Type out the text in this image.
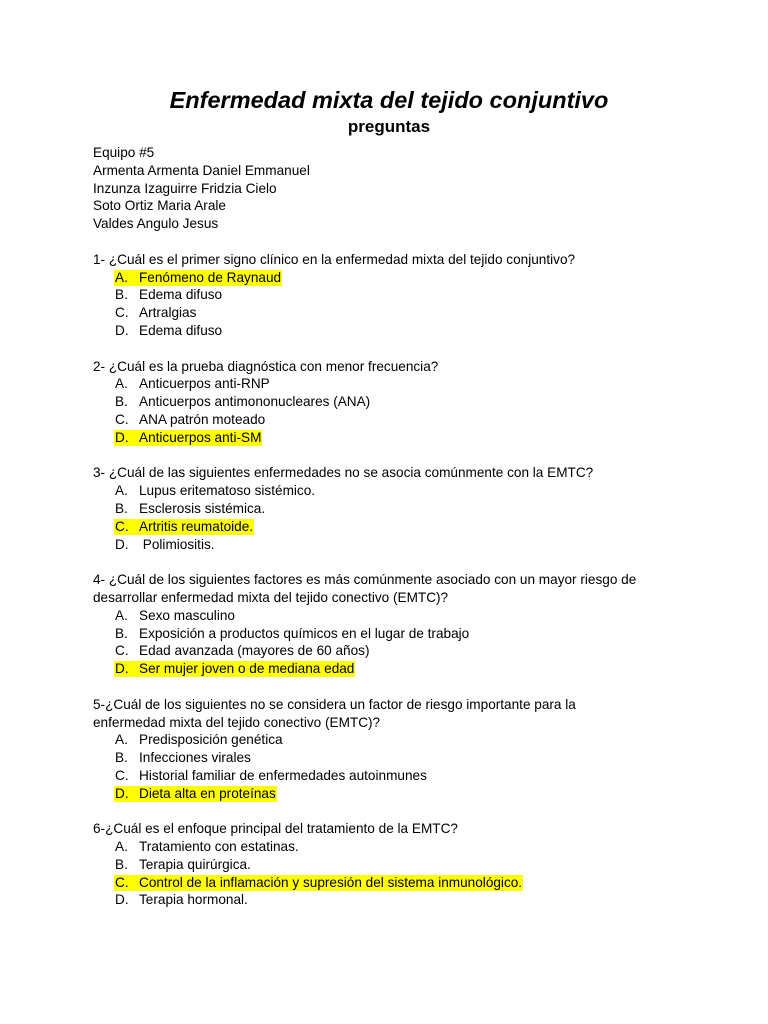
Enfermedad mixta del tejido conjuntivo
preguntas
Equipo #5
Armenta Armenta Daniel Emmanuel
Inzunza Izaguirre Fridzia Cielo
Soto Ortiz Maria Arale
Valdes Angulo Jesus
1- ¿Cuál es el primer signo clínico en la enfermedad mixta del tejido conjuntivo?
A. Fenómeno de Raynaud
B. Edema difuso
C. Artralgias
D. Edema difuso
2- ¿Cuál es la prueba diagnóstica con menor frecuencia?
A. Anticuerpos anti-RNP
B. Anticuerpos antimononucleares (ANA)
C. ANA patrón moteado
D. Anticuerpos anti-SM
3- ¿Cuál de las siguientes enfermedades no se asocia comúnmente con la EMTC?
A. Lupus eritematoso sistémico.
B. Esclerosis sistémica.
C. Artritis reumatoide.
D. Polimiositis.
4- ¿Cuál de los siguientes factores es más comúnmente asociado con un mayor riesgo de
desarrollar enfermedad mixta del tejido conectivo (EMTC)?
A. Sexo masculino
B. Exposición a productos químicos en el lugar de trabajo
C. Edad avanzada (mayores de 60 años)
D. Ser mujer joven o de mediana edad
5-¿Cuál de los siguientes no se considera un factor de riesgo importante para la
enfermedad mixta del tejido conectivo (EMTC)?
A. Predisposición genética
B. Infecciones virales
C. Historial familiar de enfermedades autoinmunes
D. Dieta alta en proteínas
6-¿Cuál es el enfoque principal del tratamiento de la EMTC?
A. Tratamiento con estatinas.
B. Terapia quirúrgica.
C. Control de la inflamación y supresión del sistema inmunológico.
D. Terapia hormonal.
